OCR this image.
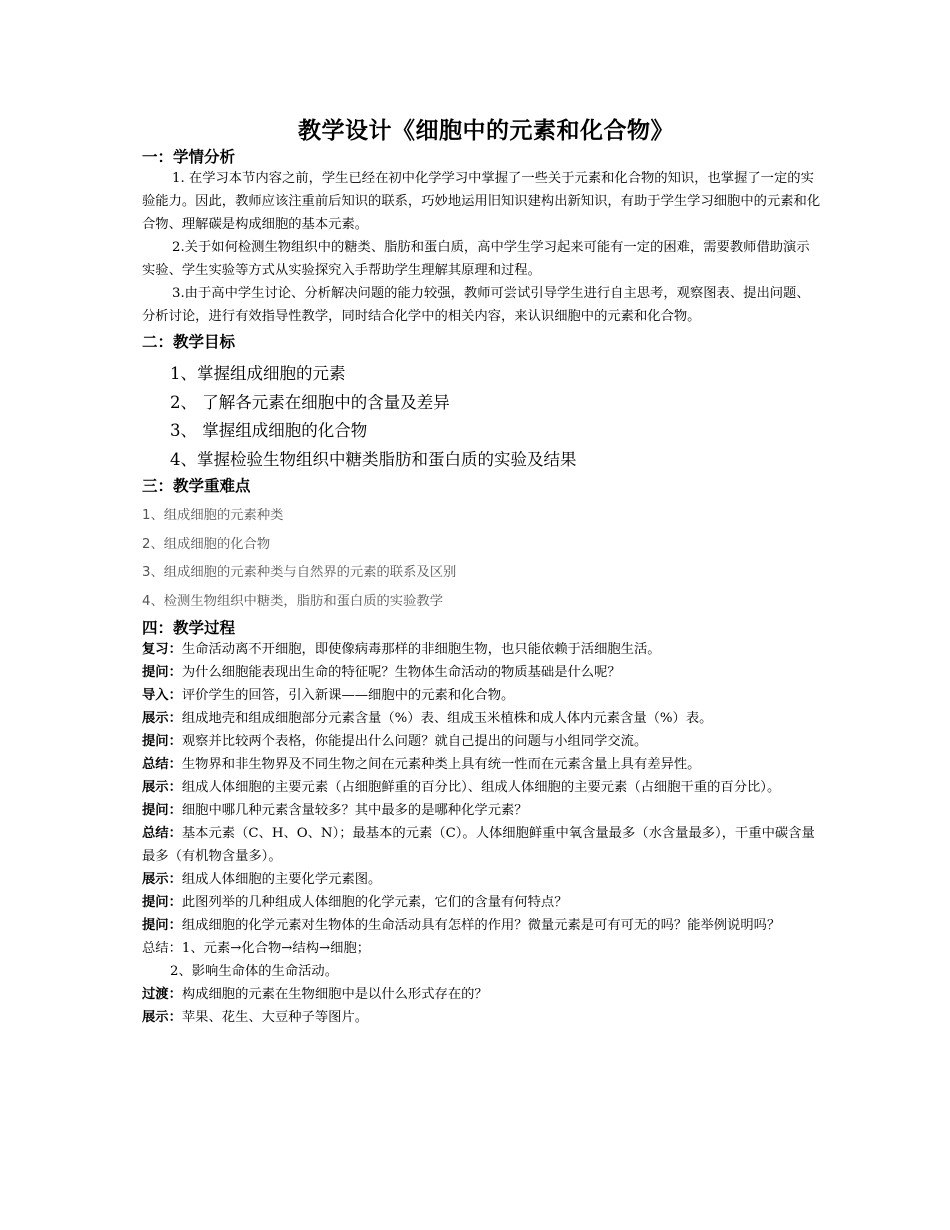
教学设计《细胞中的元素和化合物》
一：学情分析

1. 在学习本节内容之前，学生已经在初中化学学习中掌握了一些关于元素和化合物的知识，也掌握了一定的实验能力。因此，教师应该注重前后知识的联系，巧妙地运用旧知识建构出新知识，有助于学生学习细胞中的元素和化合物、理解碳是构成细胞的基本元素。

2.关于如何检测生物组织中的糖类、脂肪和蛋白质，高中学生学习起来可能有一定的困难，需要教师借助演示实验、学生实验等方式从实验探究入手帮助学生理解其原理和过程。

3.由于高中学生讨论、分析解决问题的能力较强，教师可尝试引导学生进行自主思考，观察图表、提出问题、分析讨论，进行有效指导性教学，同时结合化学中的相关内容，来认识细胞中的元素和化合物。

二：教学目标

1、掌握组成细胞的元素

2、 了解各元素在细胞中的含量及差异

3、 掌握组成细胞的化合物

4、掌握检验生物组织中糖类脂肪和蛋白质的实验及结果

三：教学重难点

1、组成细胞的元素种类

2、组成细胞的化合物

3、组成细胞的元素种类与自然界的元素的联系及区别

4、检测生物组织中糖类，脂肪和蛋白质的实验教学

四：教学过程

复习：生命活动离不开细胞，即使像病毒那样的非细胞生物，也只能依赖于活细胞生活。

提问：为什么细胞能表现出生命的特征呢？生物体生命活动的物质基础是什么呢？

导入：评价学生的回答，引入新课——细胞中的元素和化合物。

展示：组成地壳和组成细胞部分元素含量（%）表、组成玉米植株和成人体内元素含量（%）表。

提问：观察并比较两个表格，你能提出什么问题？就自己提出的问题与小组同学交流。

总结：生物界和非生物界及不同生物之间在元素种类上具有统一性而在元素含量上具有差异性。

展示：组成人体细胞的主要元素（占细胞鲜重的百分比）、组成人体细胞的主要元素（占细胞干重的百分比）。

提问：细胞中哪几种元素含量较多？其中最多的是哪种化学元素？

总结：基本元素（C、H、O、N）；最基本的元素（C）。人体细胞鲜重中氧含量最多（水含量最多），干重中碳含量最多（有机物含量多）。

展示：组成人体细胞的主要化学元素图。

提问：此图列举的几种组成人体细胞的化学元素，它们的含量有何特点？

提问：组成细胞的化学元素对生物体的生命活动具有怎样的作用？微量元素是可有可无的吗？能举例说明吗？

总结：1、元素→化合物→结构→细胞；

2、影响生命体的生命活动。

过渡：构成细胞的元素在生物细胞中是以什么形式存在的？

展示：苹果、花生、大豆种子等图片。
